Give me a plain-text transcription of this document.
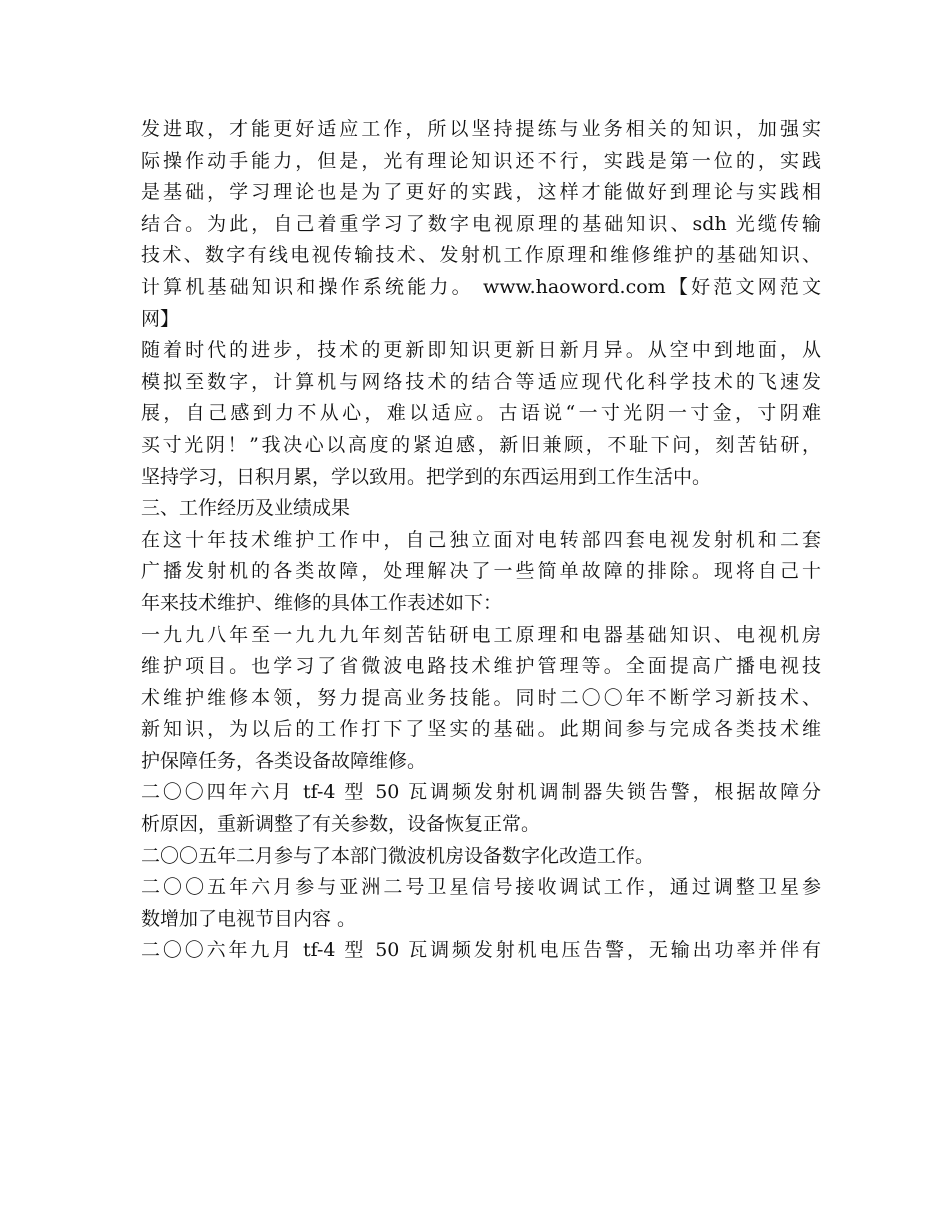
发进取，才能更好适应工作，所以坚持提练与业务相关的知识，加强实
际操作动手能力，但是，光有理论知识还不行，实践是第一位的，实践
是基础，学习理论也是为了更好的实践，这样才能做好到理论与实践相
结合。为此，自己着重学习了数字电视原理的基础知识、sdh 光缆传输
技术、数字有线电视传输技术、发射机工作原理和维修维护的基础知识、
计算机基础知识和操作系统能力。 www.haoword.com【好范文网范文
网】
随着时代的进步，技术的更新即知识更新日新月异。从空中到地面，从
模拟至数字，计算机与网络技术的结合等适应现代化科学技术的飞速发
展，自己感到力不从心，难以适应。古语说“一寸光阴一寸金，寸阴难
买寸光阴！”我决心以高度的紧迫感，新旧兼顾，不耻下问，刻苦钻研，
坚持学习，日积月累，学以致用。把学到的东西运用到工作生活中。
三、工作经历及业绩成果
在这十年技术维护工作中，自己独立面对电转部四套电视发射机和二套
广播发射机的各类故障，处理解决了一些简单故障的排除。现将自己十
年来技术维护、维修的具体工作表述如下：
一九九八年至一九九九年刻苦钻研电工原理和电器基础知识、电视机房
维护项目。也学习了省微波电路技术维护管理等。全面提高广播电视技
术维护维修本领，努力提高业务技能。同时二〇〇年不断学习新技术、
新知识，为以后的工作打下了坚实的基础。此期间参与完成各类技术维
护保障任务，各类设备故障维修。
二〇〇四年六月 tf-4 型 50 瓦调频发射机调制器失锁告警，根据故障分
析原因，重新调整了有关参数，设备恢复正常。
二〇〇五年二月参与了本部门微波机房设备数字化改造工作。
二〇〇五年六月参与亚洲二号卫星信号接收调试工作，通过调整卫星参
数增加了电视节目内容 。
二〇〇六年九月 tf-4 型 50 瓦调频发射机电压告警，无输出功率并伴有
